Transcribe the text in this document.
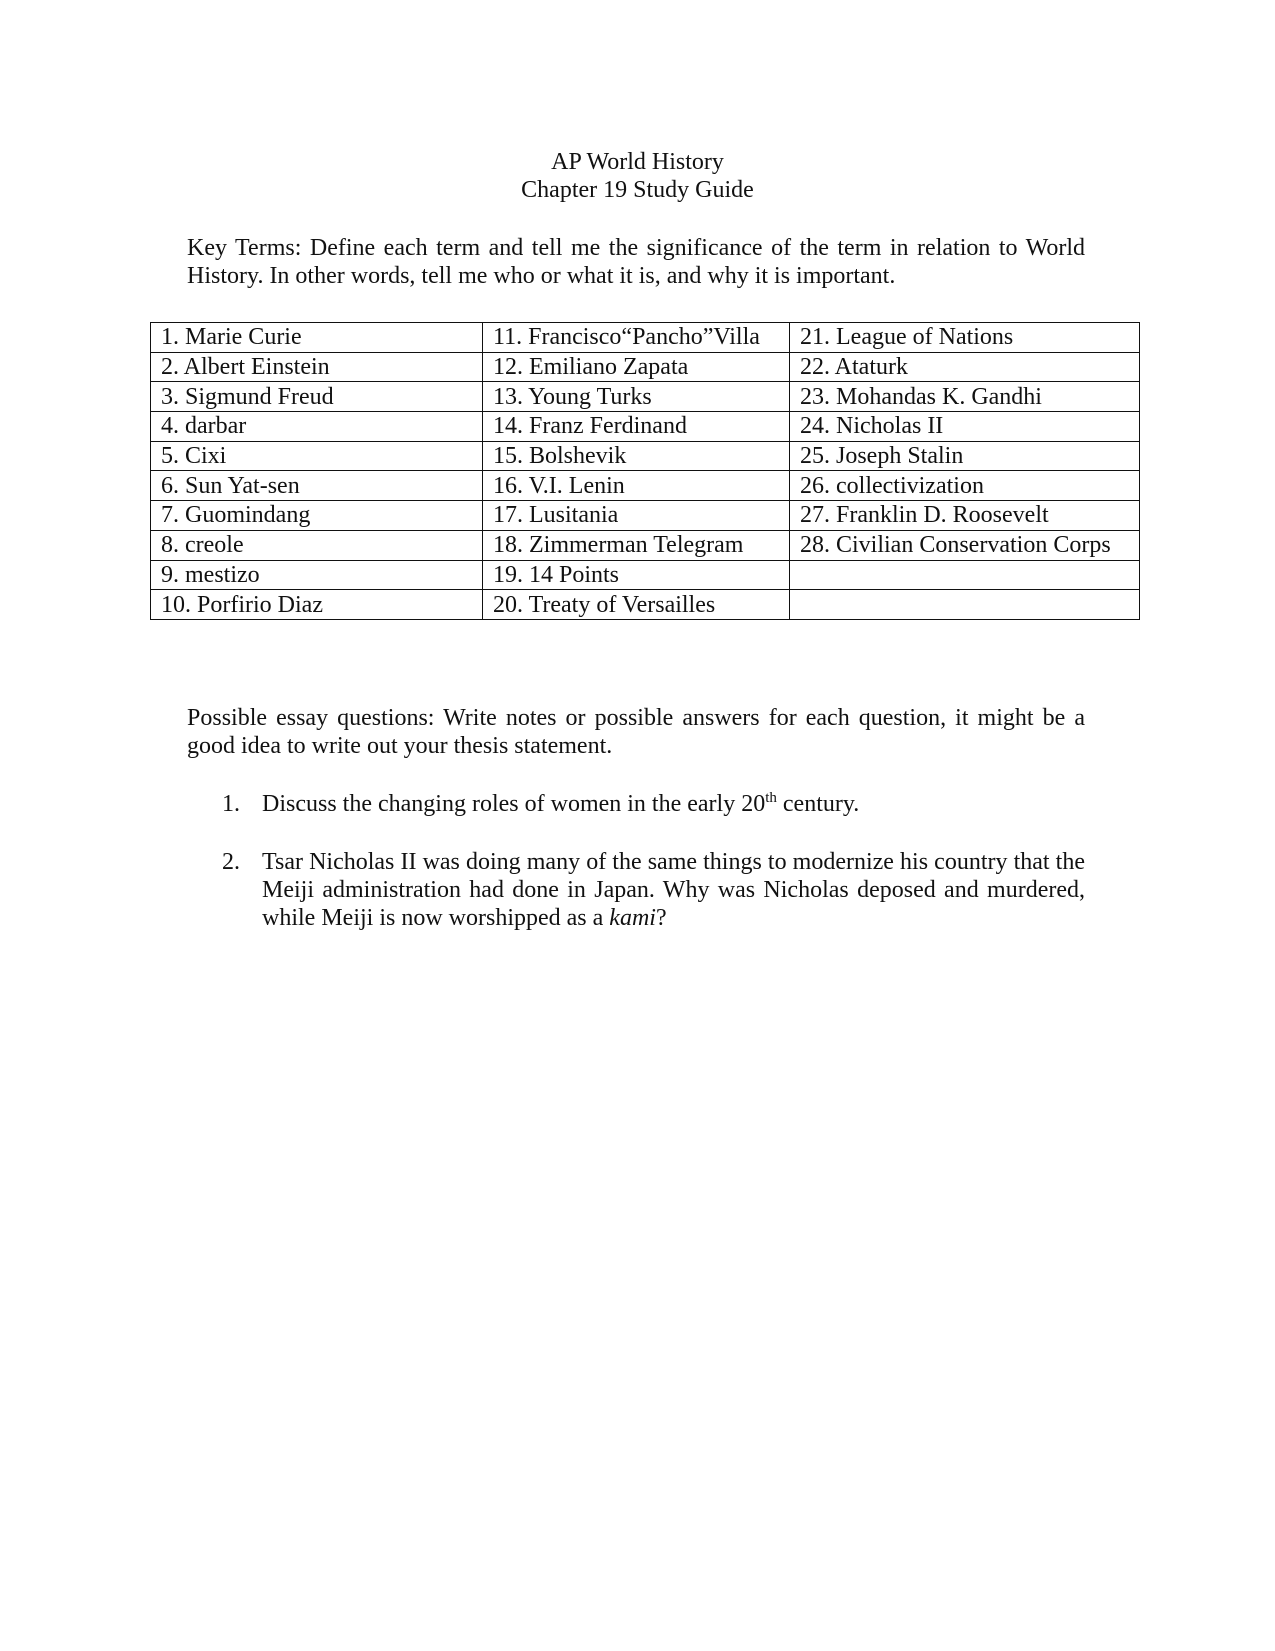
AP World History
Chapter 19 Study Guide
Key Terms: Define each term and tell me the significance of the term in relation to World History. In other words, tell me who or what it is, and why it is important.
1. Marie Curie	11. Francisco“Pancho”Villa	21. League of Nations
2. Albert Einstein	12. Emiliano Zapata	22. Ataturk
3. Sigmund Freud	13. Young Turks	23. Mohandas K. Gandhi
4. darbar	14. Franz Ferdinand	24. Nicholas II
5. Cixi	15. Bolshevik	25. Joseph Stalin
6. Sun Yat-sen	16. V.I. Lenin	26. collectivization
7. Guomindang	17. Lusitania	27. Franklin D. Roosevelt
8. creole	18. Zimmerman Telegram	28. Civilian Conservation Corps
9. mestizo	19. 14 Points	
10. Porfirio Diaz	20. Treaty of Versailles	
Possible essay questions: Write notes or possible answers for each question, it might be a good idea to write out your thesis statement.
1. Discuss the changing roles of women in the early 20th century.
2. Tsar Nicholas II was doing many of the same things to modernize his country that the Meiji administration had done in Japan. Why was Nicholas deposed and murdered, while Meiji is now worshipped as a kami?
